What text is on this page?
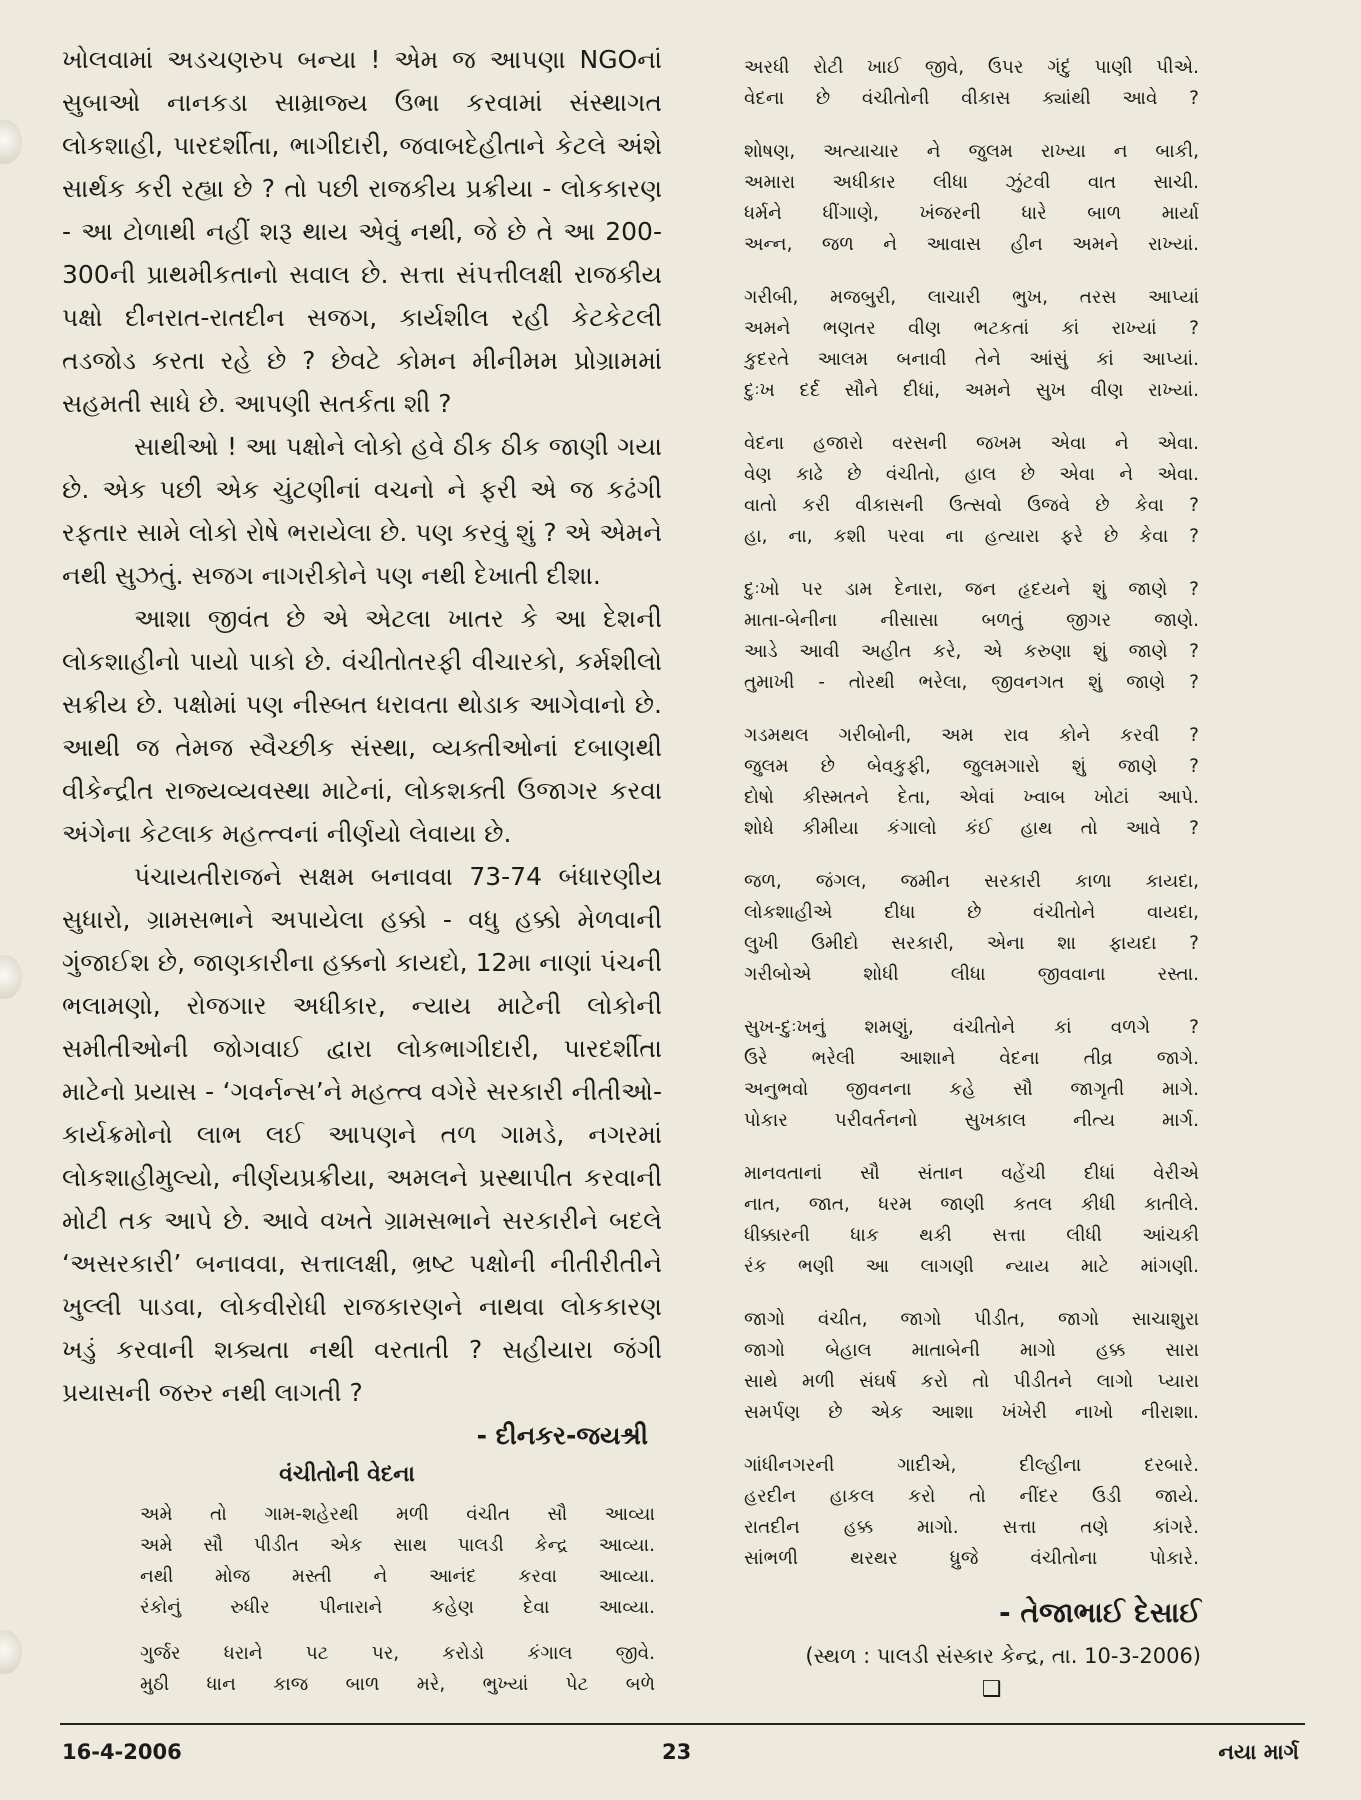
ખોલવામાં અડચણરુપ બન્યા ! એમ જ આપણા NGOનાં સુબાઓ નાનકડા સામ્રાજ્ય ઉભા કરવામાં સંસ્થાગત લોકશાહી, પારદર્શીતા, ભાગીદારી, જવાબદેહીતાને કેટલે અંશે સાર્થક કરી રહ્યા છે ? તો પછી રાજકીય પ્રક્રીયા - લોકકારણ - આ ટોળાથી નહીં શરૂ થાય એવું નથી, જે છે તે આ 200-300ની પ્રાથમીકતાનો સવાલ છે. સત્તા સંપત્તીલક્ષી રાજકીય પક્ષો દીનરાત-રાતદીન સજગ, કાર્યશીલ રહી કેટકેટલી તડજોડ કરતા રહે છે ? છેવટે કોમન મીનીમમ પ્રોગ્રામમાં સહમતી સાધે છે. આપણી સતર્કતા શી ?

સાથીઓ ! આ પક્ષોને લોકો હવે ઠીક ઠીક જાણી ગયા છે. એક પછી એક ચુંટણીનાં વચનો ને ફરી એ જ કઢંગી રફતાર સામે લોકો રોષે ભરાયેલા છે. પણ કરવું શું ? એ એમને નથી સુઝતું. સજગ નાગરીકોને પણ નથી દેખાતી દીશા.

આશા જીવંત છે એ એટલા ખાતર કે આ દેશની લોકશાહીનો પાયો પાકો છે. વંચીતોતરફી વીચારકો, કર્મશીલો સક્રીય છે. પક્ષોમાં પણ નીસ્બત ધરાવતા થોડાક આગેવાનો છે. આથી જ તેમજ સ્વૈચ્છીક સંસ્થા, વ્યક્તીઓનાં દબાણથી વીકેન્દ્રીત રાજ્યવ્યવસ્થા માટેનાં, લોકશક્તી ઉજાગર કરવા અંગેના કેટલાક મહત્ત્વનાં નીર્ણયો લેવાયા છે.

પંચાયતીરાજને સક્ષમ બનાવવા 73-74 બંધારણીય સુધારો, ગ્રામસભાને અપાયેલા હક્કો - વધુ હક્કો મેળવાની ગુંજાઈશ છે, જાણકારીના હક્કનો કાયદો, 12મા નાણાં પંચની ભલામણો, રોજગાર અધીકાર, ન્યાય માટેની લોકોની સમીતીઓની જોગવાઈ દ્વારા લોકભાગીદારી, પારદર્શીતા માટેનો પ્રયાસ - ‘ગવર્નન્સ’ને મહત્ત્વ વગેરે સરકારી નીતીઓ-કાર્યક્રમોનો લાભ લઈ આપણને તળ ગામડે, નગરમાં લોકશાહીમુલ્યો, નીર્ણયપ્રક્રીયા, અમલને પ્રસ્થાપીત કરવાની મોટી તક આપે છે. આવે વખતે ગ્રામસભાને સરકારીને બદલે ‘અસરકારી’ બનાવવા, સત્તાલક્ષી, ભ્રષ્ટ પક્ષોની નીતીરીતીને ખુલ્લી પાડવા, લોકવીરોધી રાજકારણને નાથવા લોકકારણ ખડું કરવાની શક્યતા નથી વરતાતી ? સહીયારા જંગી પ્રયાસની જરુર નથી લાગતી ?

- દીનકર-જયશ્રી
વંચીતોની વેદના
અમે તો ગામ-શહેરથી મળી વંચીત સૌ આવ્યા
અમે સૌ પીડીત એક સાથ પાલડી કેન્દ્ર આવ્યા.
નથી મોજ મસ્તી ને આનંદ કરવા આવ્યા.
રંકોનું રુધીર પીનારાને કહેણ દેવા આવ્યા.
ગુર્જર ધરાને પટ પર, કરોડો કંગાલ જીવે.
મુઠી ધાન કાજ બાળ મરે, ભુખ્યાં પેટ બળે
અરધી રોટી ખાઈ જીવે, ઉપર ગંદું પાણી પીએ.
વેદના છે વંચીતોની વીકાસ ક્યાંથી આવે ?
શોષણ, અત્યાચાર ને જુલમ રાખ્યા ન બાકી,
અમારા અધીકાર લીધા ઝુંટવી વાત સાચી.
ધર્મને ધીંગાણે, ખંજરની ધારે બાળ માર્યા
અન્ન, જળ ને આવાસ હીન અમને રાખ્યાં.
ગરીબી, મજબુરી, લાચારી ભુખ, તરસ આપ્યાં
અમને ભણતર વીણ ભટકતાં કાં રાખ્યાં ?
કુદરતે આલમ બનાવી તેને આંસું કાં આપ્યાં.
દુઃખ દર્દ સૌને દીધાં, અમને સુખ વીણ રાખ્યાં.
વેદના હજારો વરસની જખમ એવા ને એવા.
વેણ કાઢે છે વંચીતો, હાલ છે એવા ને એવા.
વાતો કરી વીકાસની ઉત્સવો ઉજવે છે કેવા ?
હા, ના, કશી પરવા ના હત્યારા ફરે છે કેવા ?
દુઃખો પર ડામ દેનારા, જન હૃદયને શું જાણે ?
માતા-બેનીના નીસાસા બળતું જીગર જાણે.
આડે આવી અહીત કરે, એ કરુણા શું જાણે ?
તુમાખી - તોરથી ભરેલા, જીવનગત શું જાણે ?
ગડમથલ ગરીબોની, અમ રાવ કોને કરવી ?
જુલમ છે બેવકુફી, જુલમગારો શું જાણે ?
દોષો કીસ્મતને દેતા, એવાં ખ્વાબ ખોટાં આપે.
શોધે કીમીયા કંગાલો કંઈ હાથ તો આવે ?
જળ, જંગલ, જમીન સરકારી કાળા કાયદા,
લોકશાહીએ દીધા છે વંચીતોને વાયદા,
લુખી ઉમીદો સરકારી, એના શા ફાયદા ?
ગરીબોએ શોધી લીધા જીવવાના રસ્તા.
સુખ-દુઃખનું શમણું, વંચીતોને કાં વળગે ?
ઉરે ભરેલી આશાને વેદના તીવ્ર જાગે.
અનુભવો જીવનના કહે સૌ જાગૃતી માગે.
પોકાર પરીવર્તનનો સુખકાલ નીત્ય માર્ગ.
માનવતાનાં સૌ સંતાન વહેંચી દીધાં વેરીએ
નાત, જાત, ધરમ જાણી કતલ કીધી કાતીલે.
ધીક્કારની ધાક થકી સત્તા લીધી આંચકી
રંક ભણી આ લાગણી ન્યાય માટે માંગણી.
જાગો વંચીત, જાગો પીડીત, જાગો સાચાશુરા
જાગો બેહાલ માતાબેની માગો હક્ક સારા
સાથે મળી સંઘર્ષ કરો તો પીડીતને લાગો પ્યારા
સમર્પણ છે એક આશા ખંખેરી નાખો નીરાશા.
ગાંધીનગરની ગાદીએ, દીલ્હીના દરબારે.
હરદીન હાકલ કરો તો નીંદર ઉડી જાયે.
રાતદીન હક્ક માગો. સત્તા તણે કાંગરે.
સાંભળી થરથર ધ્રુજે વંચીતોના પોકારે.
- તેજાભાઈ દેસાઈ
(સ્થળ : પાલડી સંસ્કાર કેન્દ્ર, તા. 10-3-2006)
❑
16-4-2006	23	નયા માર્ગ
